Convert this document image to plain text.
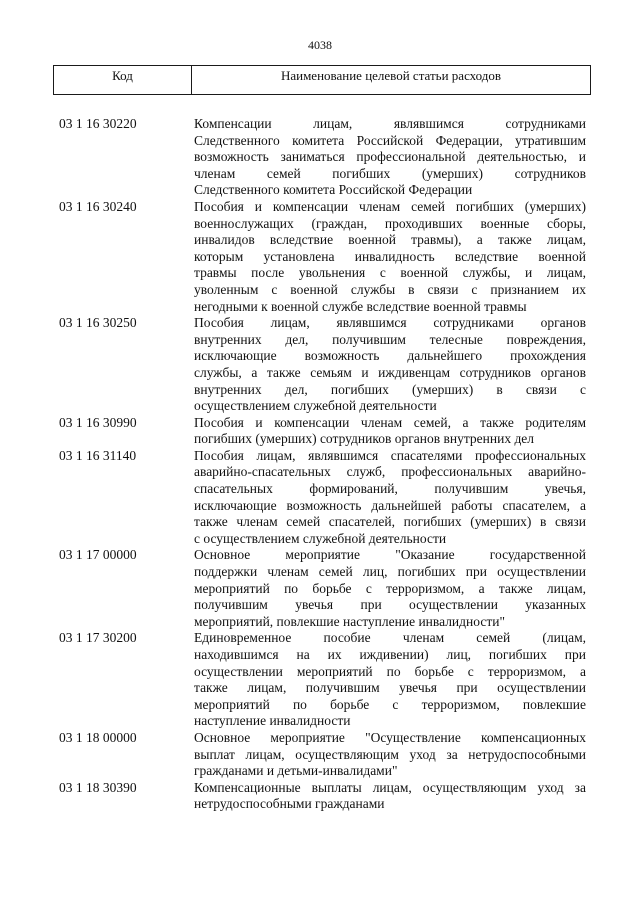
4038
Код	Наименование целевой статьи расходов
03 1 16 30220	Компенсации лицам, являвшимся сотрудниками
Следственного комитета Российской Федерации, утратившим
возможность заниматься профессиональной деятельностью, и
членам семей погибших (умерших) сотрудников
Следственного комитета Российской Федерации
03 1 16 30240	Пособия и компенсации членам семей погибших (умерших)
военнослужащих (граждан, проходивших военные сборы,
инвалидов вследствие военной травмы), а также лицам,
которым установлена инвалидность вследствие военной
травмы после увольнения с военной службы, и лицам,
уволенным с военной службы в связи с признанием их
негодными к военной службе вследствие военной травмы
03 1 16 30250	Пособия лицам, являвшимся сотрудниками органов
внутренних дел, получившим телесные повреждения,
исключающие возможность дальнейшего прохождения
службы, а также семьям и иждивенцам сотрудников органов
внутренних дел, погибших (умерших) в связи с
осуществлением служебной деятельности
03 1 16 30990	Пособия и компенсации членам семей, а также родителям
погибших (умерших) сотрудников органов внутренних дел
03 1 16 31140	Пособия лицам, являвшимся спасателями профессиональных
аварийно-спасательных служб, профессиональных аварийно-
спасательных формирований, получившим увечья,
исключающие возможность дальнейшей работы спасателем, а
также членам семей спасателей, погибших (умерших) в связи
с осуществлением служебной деятельности
03 1 17 00000	Основное мероприятие "Оказание государственной
поддержки членам семей лиц, погибших при осуществлении
мероприятий по борьбе с терроризмом, а также лицам,
получившим увечья при осуществлении указанных
мероприятий, повлекшие наступление инвалидности"
03 1 17 30200	Единовременное пособие членам семей (лицам,
находившимся на их иждивении) лиц, погибших при
осуществлении мероприятий по борьбе с терроризмом, а
также лицам, получившим увечья при осуществлении
мероприятий по борьбе с терроризмом, повлекшие
наступление инвалидности
03 1 18 00000	Основное мероприятие "Осуществление компенсационных
выплат лицам, осуществляющим уход за нетрудоспособными
гражданами и детьми-инвалидами"
03 1 18 30390	Компенсационные выплаты лицам, осуществляющим уход за
нетрудоспособными гражданами
